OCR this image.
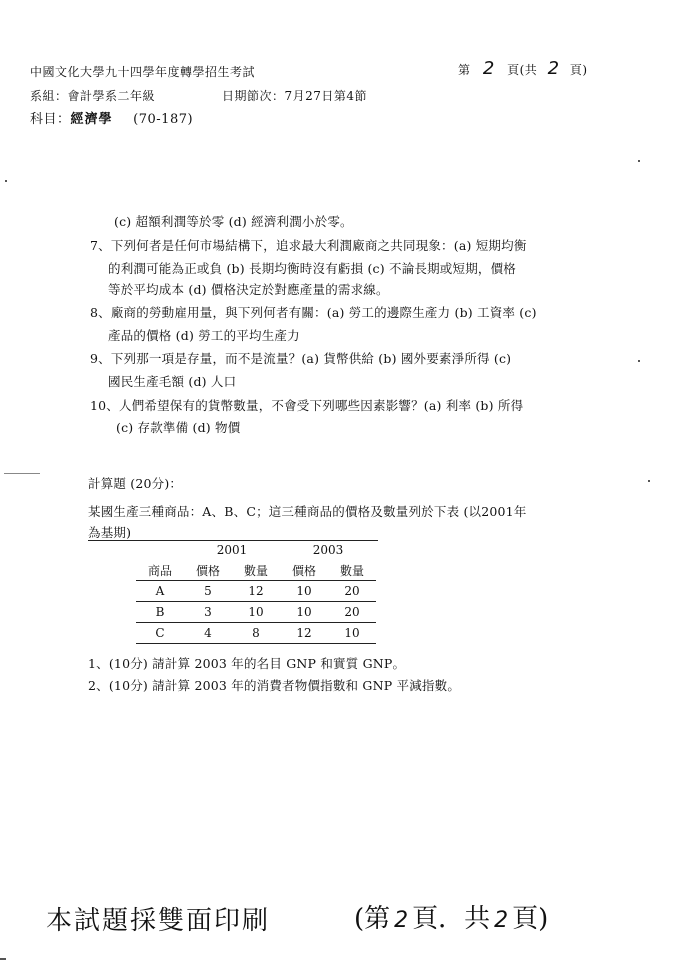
中國文化大學九十四學年度轉學招生考試	第 2 頁(共 2 頁)
系組：會計學系二年級	日期節次：7月27日第4節
科目：經濟學 (70-187)
(c) 超額利潤等於零 (d) 經濟利潤小於零。
7、下列何者是任何市場結構下，追求最大利潤廠商之共同現象：(a) 短期均衡
的利潤可能為正或負 (b) 長期均衡時沒有虧損 (c) 不論長期或短期，價格
等於平均成本 (d) 價格決定於對應產量的需求線。
8、廠商的勞動雇用量，與下列何者有關：(a) 勞工的邊際生產力 (b) 工資率 (c)
產品的價格 (d) 勞工的平均生產力
9、下列那一項是存量，而不是流量？(a) 貨幣供給 (b) 國外要素淨所得 (c)
國民生產毛額 (d) 人口
10、人們希望保有的貨幣數量，不會受下列哪些因素影響？(a) 利率 (b) 所得
(c) 存款準備 (d) 物價
計算題 (20分)：
某國生產三種商品：A、B、C；這三種商品的價格及數量列於下表 (以2001年
為基期)
	2001		2003	
商品	價格	數量	價格	數量
A	5	12	10	20
B	3	10	10	20
C	4	8	12	10
1、(10分) 請計算 2003 年的名目 GNP 和實質 GNP。
2、(10分) 請計算 2003 年的消費者物價指數和 GNP 平減指數。
本試題採雙面印刷	(第 2 頁．共 2 頁)
